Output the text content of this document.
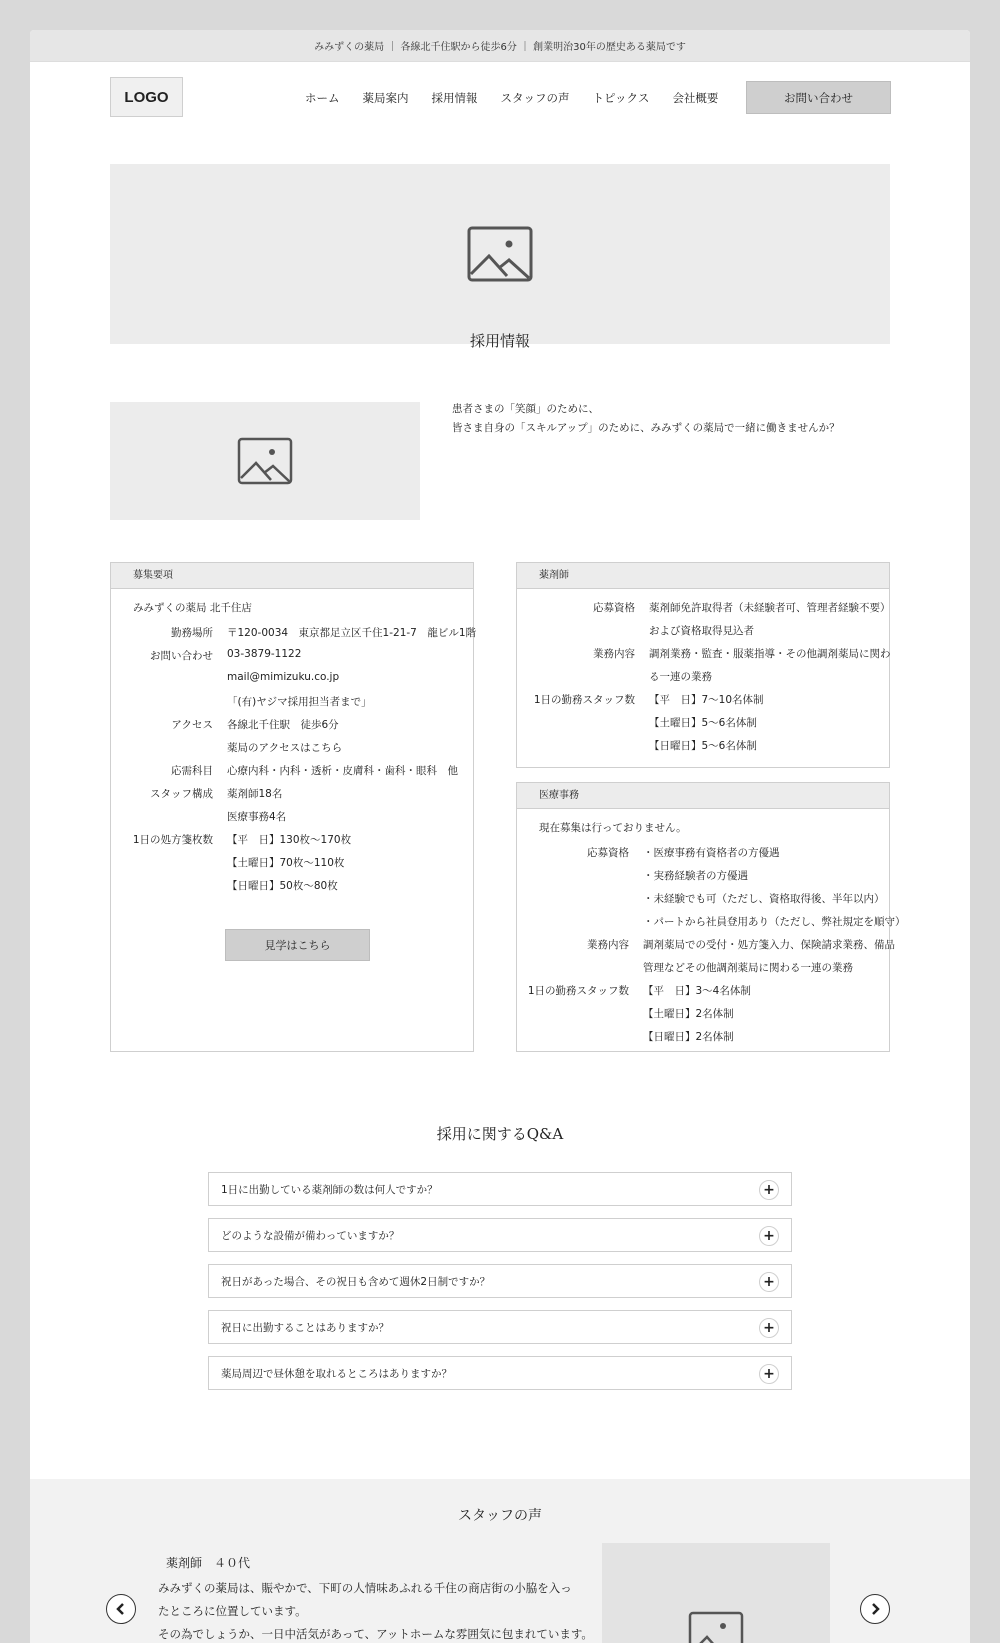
みみずくの薬局 ｜ 各線北千住駅から徒歩6分 ｜ 創業明治30年の歴史ある薬局です
LOGO	ホーム 薬局案内 採用情報 スタッフの声 トピックス 会社概要	お問い合わせ
採用情報
患者さまの「笑顔」のために、
皆さま自身の「スキルアップ」のために、みみずくの薬局で一緒に働きませんか？
募集要項
みみずくの薬局 北千住店
勤務場所 〒120-0034　東京都足立区千住1-21-7　龍ビル1階
お問い合わせ 03-3879-1122
mail@mimizuku.co.jp
「(有)ヤジマ採用担当者まで」
アクセス 各線北千住駅　徒歩6分
薬局のアクセスはこちら
応需科目 心療内科・内科・透析・皮膚科・歯科・眼科　他
スタッフ構成 薬剤師18名
医療事務4名
1日の処方箋枚数 【平　日】130枚〜170枚
【土曜日】70枚〜110枚
【日曜日】50枚〜80枚
見学はこちら
薬剤師
応募資格 薬剤師免許取得者（未経験者可、管理者経験不要）
および資格取得見込者
業務内容 調剤業務・監査・服薬指導・その他調剤薬局に関わ
る一連の業務
1日の勤務スタッフ数 【平　日】7〜10名体制
【土曜日】5〜6名体制
【日曜日】5〜6名体制
医療事務
現在募集は行っておりません。
応募資格 ・医療事務有資格者の方優遇
・実務経験者の方優遇
・未経験でも可（ただし、資格取得後、半年以内）
・パートから社員登用あり（ただし、弊社規定を順守）
業務内容 調剤薬局での受付・処方箋入力、保険請求業務、備品
管理などその他調剤薬局に関わる一連の業務
1日の勤務スタッフ数 【平　日】3〜4名体制
【土曜日】2名体制
【日曜日】2名体制
採用に関するQ&A
1日に出勤している薬剤師の数は何人ですか？	+
どのような設備が備わっていますか？	+
祝日があった場合、その祝日も含めて週休2日制ですか？	+
祝日に出勤することはありますか？	+
薬局周辺で昼休憩を取れるところはありますか？	+
スタッフの声
薬剤師　４０代
みみずくの薬局は、賑やかで、下町の人情味あふれる千住の商店街の小脇を入っ
たところに位置しています。
その為でしょうか、一日中活気があって、アットホームな雰囲気に包まれています。
